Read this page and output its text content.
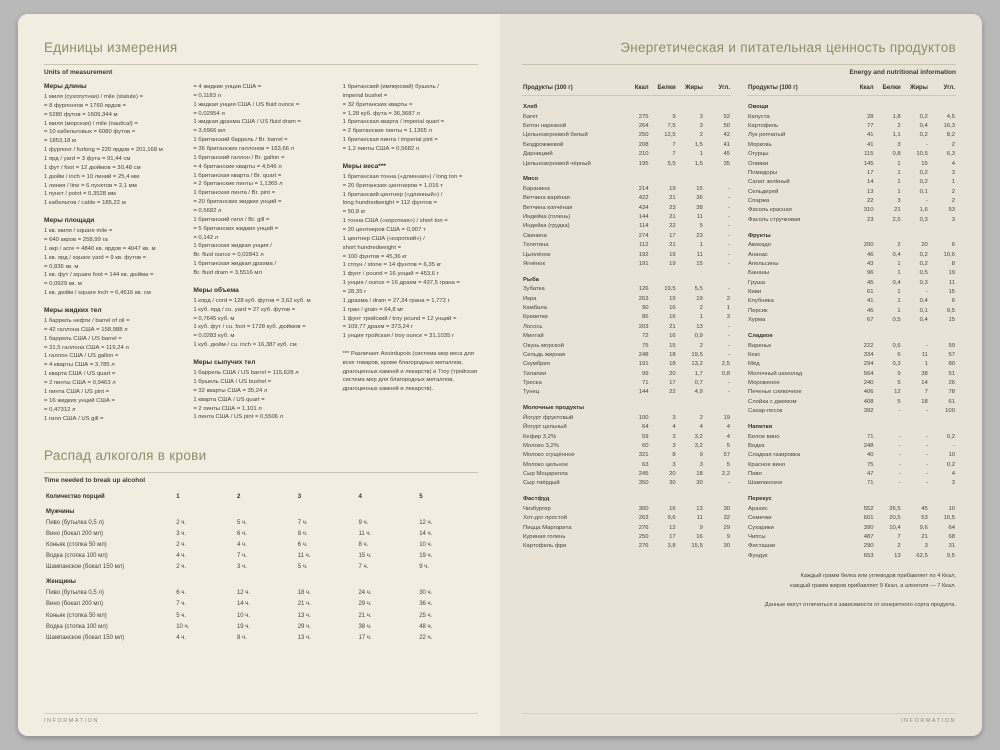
Единицы измерения
Units of measurement
Меры длины
1 миля (сухопутная) / mile (statute) =
= 8 фурлонгов = 1760 ярдов =
= 5280 футов = 1609,344 м
1 миля (морская) / mile (nautical) =
= 10 кабельтовых = 6080 футов =
= 1853,18 м
1 фурлонг / furlong = 220 ярдов = 201,168 м
1 ярд / yard = 3 фута = 91,44 см
1 фут / foot = 12 дюймов = 30,48 см
1 дюйм / inch = 10 линий = 25,4 мм
1 линия / line = 6 пунктов = 2,1 мм
1 пункт / point = 0,3528 мм
1 кабельтов / cable = 185,22 м
Меры площади
1 кв. миля / square mile =
= 640 акров = 258,99 га
1 акр / acre = 4840 кв. ярдов = 4047 кв. м
1 кв. ярд / square yard = 9 кв. футов =
= 0,836 кв. м
1 кв. фут / square foot = 144 кв. дюйма =
= 0,0929 кв. м
1 кв. дюйм / square inch = 6,4516 кв. см
Меры жидких тел
1 баррель нефти / barrel of oil =
= 42 галлона США = 158,988 л
1 баррель США / US barrel =
= 31,5 галлона США = 119,24 л
1 галлон США / US gallon =
= 4 кварты США = 3,785 л
1 кварта США / US quart =
= 2 пинты США = 0,9463 л
1 пинта США / US pint =
= 16 жидких унций США =
= 0,47312 л
1 гилл США / US gill =
= 4 жидкие унции США =
= 0,1183 л
1 жидкая унция США / US fluid ounce =
= 0,02954 л
1 жидкая драхма США / US fluid dram =
= 3,6966 мл
1 британский баррель / Br. barrel =
= 36 британских галлонов = 163,66 л
1 британский галлон / Br. gallon =
= 4 британские кварты = 4,546 л
1 британская кварта / Br. quart =
= 2 британские пинты = 1,1365 л
1 британская пинта / Br. pint =
= 20 британских жидких унций =
= 0,5682 л
1 британский гилл / Br. gill =
= 5 британских жидких унций =
= 0,142 л
1 британская жидкая унция /
Br. fluid ounce = 0,02841 л
1 британская жидкая драхма /
Br. fluid dram = 3,5516 мл
Меры объема
1 корд / cord = 128 куб. футов = 3,62 куб. м
1 куб. ярд / cu. yard = 27 куб. футов =
= 0,7645 куб. м
1 куб. фут / cu. foot = 1728 куб. дюймов =
= 0,0283 куб. м
1 куб. дюйм / cu. inch = 16,387 куб. см
Меры сыпучих тел
1 баррель США / US barrel = 115,628 л
1 бушель США / US bushel =
= 32 кварты США = 35,24 л
1 кварта США / US quart =
= 2 пинты США = 1,101 л
1 пинта США / US pint = 0,5506 л
1 британский (имперский) бушель /
imperial bushel =
= 32 британских кварты =
= 1,28 куб. фута = 36,3687 л
1 британская кварта / imperial quart =
= 2 британские пинты = 1,1365 л
1 британская пинта / imperial pint =
= 1,2 пинты США = 0,5682 л
Меры веса***
1 британская тонна («длинная») / long ton =
= 20 британских центнеров = 1,016 т
1 британский центнер («длинный») /
long hundredweight = 112 фунтов =
= 50,8 кг
1 тонна США («короткая») / short ton =
= 20 центнеров США = 0,907 т
1 центнер США («короткий») /
short hundredweight =
= 100 фунтов = 45,36 кг
1 стоун / stone = 14 фунтов = 6,35 кг
1 фунт / pound = 16 унций = 453,6 г
1 унция / ounce = 16 драхм = 437,5 грана =
= 28,35 г
1 драхма / dram = 27,34 грана = 1,772 г
1 гран / grain = 64,8 мг
1 фунт тройский / troy pound = 12 унций =
= 109,77 драхм = 373,24 г
1 унция тройская / troy ounce = 31,1035 г
*** Различает Avoirdupois (система мер веса для всех товаров, кроме благородных металлов, драгоценных камней и лекарств) и Troy (тройская система мер для благородных металлов, драгоценных камней и лекарств).
Распад алкоголя в крови
Time needed to break up alcohol
Количество порций	1	2	3	4	5
Мужчины					
Пиво (бутылка 0,5 л)	2 ч.	5 ч.	7 ч.	9 ч.	12 ч.
Вино (бокал 200 мл)	3 ч.	6 ч.	8 ч.	11 ч.	14 ч.
Коньяк (стопка 50 мл)	2 ч.	4 ч.	6 ч.	8 ч.	10 ч.
Водка (стопка 100 мл)	4 ч.	7 ч.	11 ч.	15 ч.	19 ч.
Шампанское (бокал 150 мл)	2 ч.	3 ч.	5 ч.	7 ч.	9 ч.
Женщины					
Пиво (бутылка 0,5 л)	6 ч.	12 ч.	18 ч.	24 ч.	30 ч.
Вино (бокал 200 мл)	7 ч.	14 ч.	21 ч.	29 ч.	36 ч.
Коньяк (стопка 50 мл)	5 ч.	10 ч.	13 ч.	21 ч.	25 ч.
Водка (стопка 100 мл)	10 ч.	19 ч.	29 ч.	38 ч.	48 ч.
Шампанское (бокал 150 мл)	4 ч.	8 ч.	13 ч.	17 ч.	22 ч.
INFORMATION
Энергетическая и питательная ценность продуктов
Energy and nutritional information
Продукты (100 г)	Ккал	Белки	Жиры	Угл.
Хлеб				
Багет	275	9	3	52
Бетон нарезной	264	7,5	3	50
Цельнозерновой белый	250	12,5	2	42
Бездрожжевой	208	7	1,5	41
Дарницкий	210	7	1	45
Цельнозерновой чёрный	195	5,5	1,5	35
Мясо				
Баранина	214	19	15	-
Ветчина варёная	422	21	36	-
Ветчина копчёная	434	23	38	-
Индейка (голень)	144	21	11	-
Индейка (грудка)	114	22	5	-
Свинина	274	17	23	-
Телятина	112	21	1	-
Цыплёнок	192	19	11	-
Ягнёнок	191	19	15	-
Рыба				
Зубатка	126	19,5	5,5	-
Икра	263	19	19	2
Камбала	90	16	2	1
Креветки	86	16	1	3
Лосось	203	21	13	-
Минтай	72	16	0,9	-
Окунь морской	75	15	2	-
Сельдь жирная	248	18	19,5	-
Скумбрия	191	18	13,2	2,5
Тилапия	99	20	1,7	0,8
Треска	71	17	0,7	-
Тунец	144	22	4,9	-
Молочные продукты				
Йогурт фруктовый	100	3	2	19
Йогурт цельный	64	4	4	4
Кефир 3,2%	59	3	3,2	4
Молоко 3,2%	60	3	3,2	5
Молоко сгущённое	321	8	9	57
Молоко цельное	63	3	3	5
Сыр Моцарелла	245	20	18	2,2
Сыр твёрдый	350	30	30	-
Фастфуд				
Чизбургер	300	16	13	30
Хот-дог простой	263	9,6	11	32
Пицца Маргарита	276	12	9	29
Куриная голень	250	17	16	9
Картофель фри	276	3,8	15,5	30
Продукты (100 г)	Ккал	Белки	Жиры	Угл.
Овощи				
Капуста	28	1,8	0,2	4,5
Картофель	77	2	0,4	16,3
Лук репчатый	41	1,1	0,2	8,2
Морковь	41	3	-	2
Огурцы	115	0,8	10,5	6,3
Оливки	145	1	15	4
Помидоры	17	1	0,2	3
Салат зелёный	14	1	0,2	1
Сельдерей	13	1	0,1	2
Спаржа	22	3	-	2
Фасоль красная	310	21	1,6	53
Фасоль стручковая	23	2,5	0,3	3
Фрукты				
Авокадо	200	2	20	6
Ананас	46	0,4	0,2	10,6
Апельсины	43	1	0,2	8
Бананы	96	1	0,5	19
Груша	45	0,4	0,3	11
Киви	61	1	-	15
Клубника	41	1	0,4	6
Персик	45	1	0,1	9,5
Хурма	67	0,5	0,4	15
Сладкое				
Варенье	222	0,6	-	59
Кекс	334	6	11	57
Мёд	294	0,3	1	80
Молочный шоколад	564	9	38	51
Мороженое	240	5	14	26
Печенье сливочное	406	12	7	78
Слойка с джемом	408	5	18	61
Сахар-песок	392	-	-	100
Напитки				
Белое вино	71	-	-	0,2
Водка	248	-	-	-
Сладкая газировка	40	-	-	10
Красное вино	75	-	-	0,2
Пиво	47	-	-	4
Шампанское	71	-	-	3
Перекус				
Арахис	552	26,5	45	10
Семечки	601	20,5	53	10,5
Сухарики	390	10,4	9,6	64
Чипсы	487	7	21	68
Фисташки	290	2	3	31
Фундук	653	13	62,5	9,5
Каждый грамм белка или углеводов прибавляет по 4 Ккал,
каждый грамм жиров прибавляет 9 Ккал, а алкоголя — 7 Ккал.
Данные могут отличаться в зависимости от конкретного сорта продукта.
INFORMATION
